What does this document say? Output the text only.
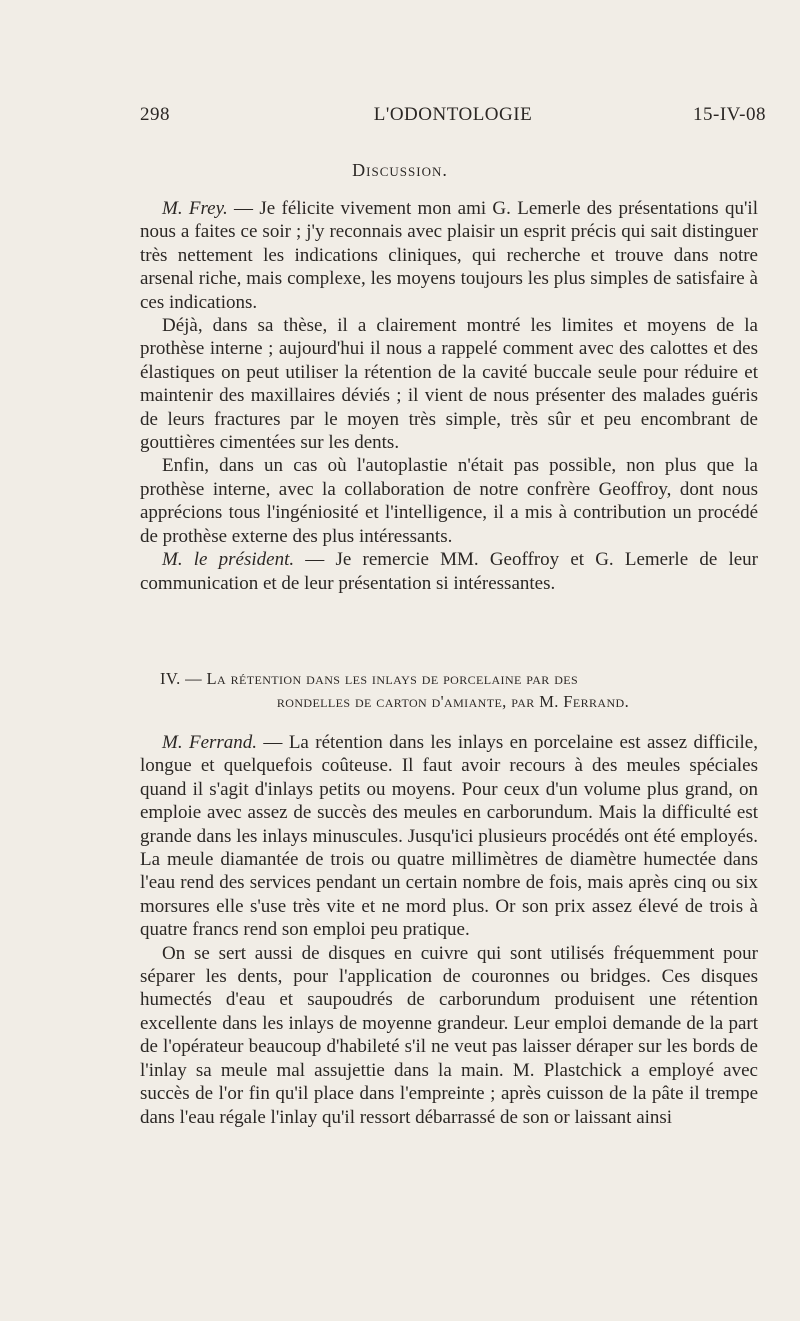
298	L'ODONTOLOGIE	15-IV-08
Discussion.

M. Frey. — Je félicite vivement mon ami G. Lemerle des présentations qu'il nous a faites ce soir ; j'y reconnais avec plaisir un esprit précis qui sait distinguer très nettement les indications cliniques, qui recherche et trouve dans notre arsenal riche, mais complexe, les moyens toujours les plus simples de satisfaire à ces indications.

Déjà, dans sa thèse, il a clairement montré les limites et moyens de la prothèse interne ; aujourd'hui il nous a rappelé comment avec des calottes et des élastiques on peut utiliser la rétention de la cavité buccale seule pour réduire et maintenir des maxillaires déviés ; il vient de nous présenter des malades guéris de leurs fractures par le moyen très simple, très sûr et peu encombrant de gouttières cimentées sur les dents.

Enfin, dans un cas où l'autoplastie n'était pas possible, non plus que la prothèse interne, avec la collaboration de notre confrère Geoffroy, dont nous apprécions tous l'ingéniosité et l'intelligence, il a mis à contribution un procédé de prothèse externe des plus intéressants.

M. le président. — Je remercie MM. Geoffroy et G. Lemerle de leur communication et de leur présentation si intéressantes.

IV. — La rétention dans les inlays de porcelaine par des
rondelles de carton d'amiante, par M. Ferrand.

M. Ferrand. — La rétention dans les inlays en porcelaine est assez difficile, longue et quelquefois coûteuse. Il faut avoir recours à des meules spéciales quand il s'agit d'inlays petits ou moyens. Pour ceux d'un volume plus grand, on emploie avec assez de succès des meules en carborundum. Mais la difficulté est grande dans les inlays minuscules. Jusqu'ici plusieurs procédés ont été employés. La meule diamantée de trois ou quatre millimètres de diamètre humectée dans l'eau rend des services pendant un certain nombre de fois, mais après cinq ou six morsures elle s'use très vite et ne mord plus. Or son prix assez élevé de trois à quatre francs rend son emploi peu pratique.

On se sert aussi de disques en cuivre qui sont utilisés fréquemment pour séparer les dents, pour l'application de couronnes ou bridges. Ces disques humectés d'eau et saupoudrés de carborundum produisent une rétention excellente dans les inlays de moyenne grandeur. Leur emploi demande de la part de l'opérateur beaucoup d'habileté s'il ne veut pas laisser déraper sur les bords de l'inlay sa meule mal assujettie dans la main. M. Plastchick a employé avec succès de l'or fin qu'il place dans l'empreinte ; après cuisson de la pâte il trempe dans l'eau régale l'inlay qu'il ressort débarrassé de son or laissant ainsi
